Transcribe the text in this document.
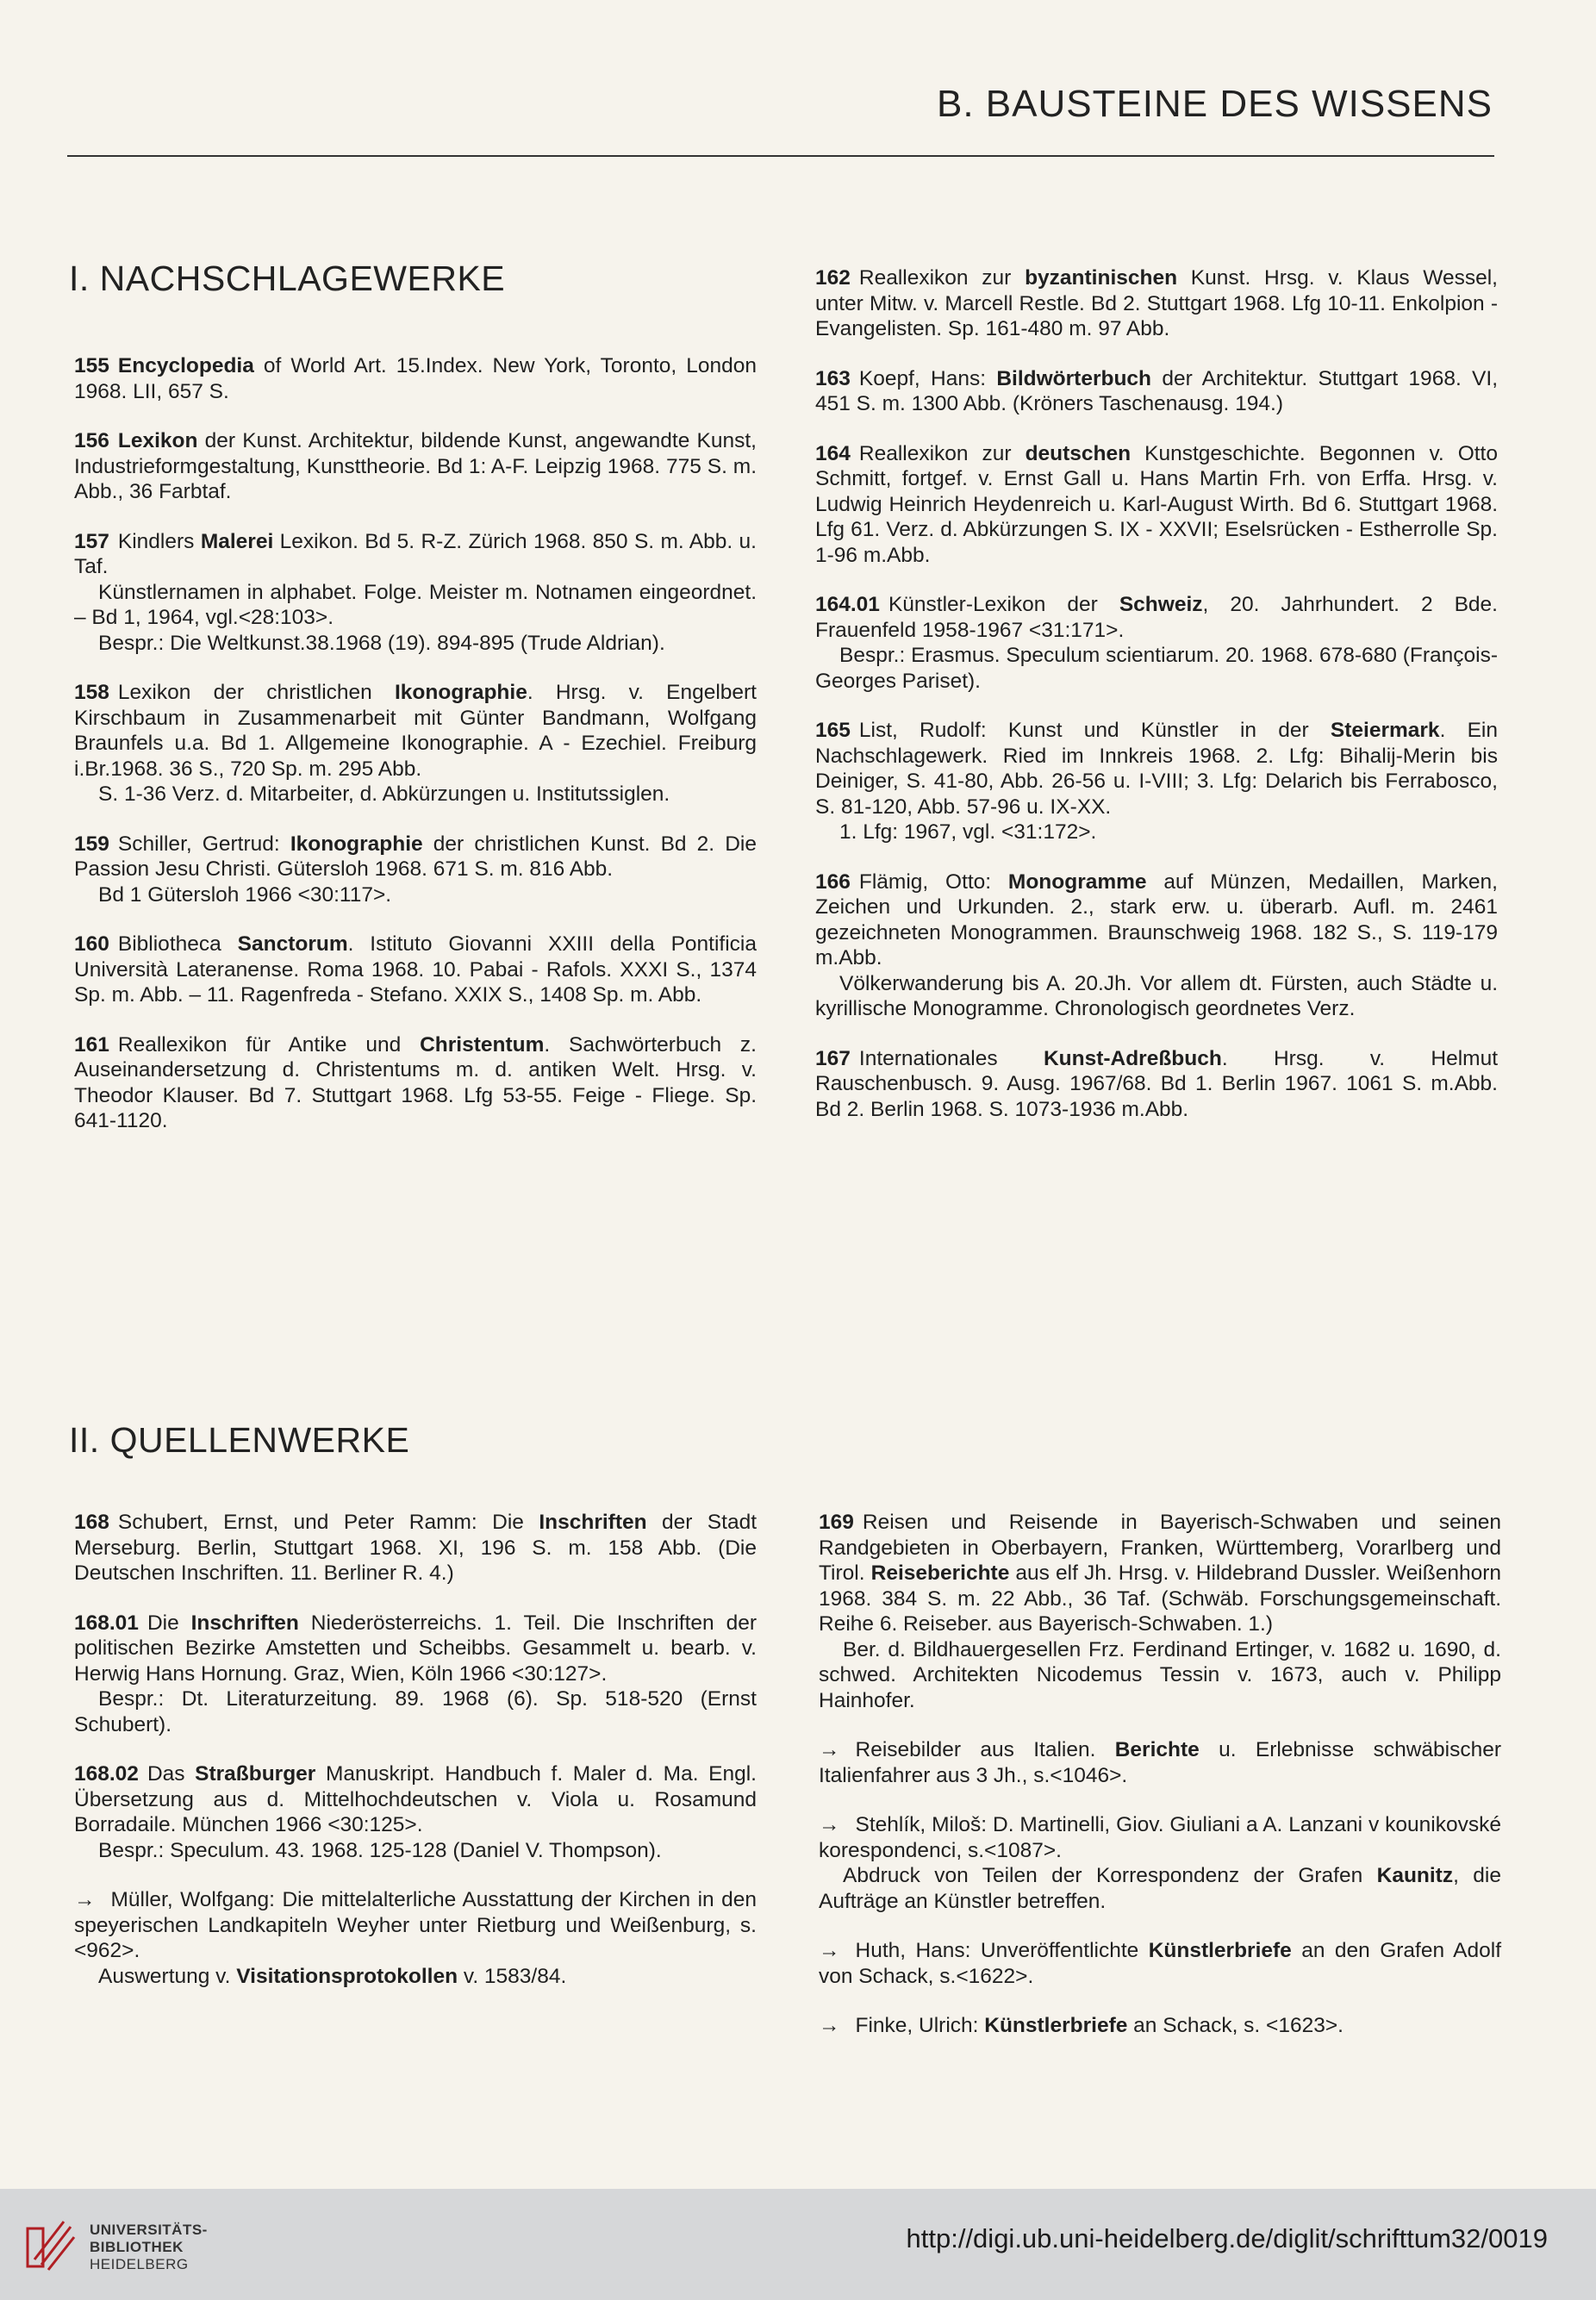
B. BAUSTEINE DES WISSENS
I. NACHSCHLAGEWERKE

155 Encyclopedia of World Art. 15.Index. New York, Toronto, London 1968. LII, 657 S.

156 Lexikon der Kunst. Architektur, bildende Kunst, angewandte Kunst, Industrieformgestaltung, Kunsttheorie. Bd 1: A-F. Leipzig 1968. 775 S. m. Abb., 36 Farbtaf.

157 Kindlers Malerei Lexikon. Bd 5. R-Z. Zürich 1968. 850 S. m. Abb. u. Taf.

Künstlernamen in alphabet. Folge. Meister m. Notnamen eingeordnet. – Bd 1, 1964, vgl.<28:103>.

Bespr.: Die Weltkunst.38.1968 (19). 894-895 (Trude Aldrian).

158 Lexikon der christlichen Ikonographie. Hrsg. v. Engelbert Kirschbaum in Zusammenarbeit mit Günter Bandmann, Wolfgang Braunfels u.a. Bd 1. Allgemeine Ikonographie. A - Ezechiel. Freiburg i.Br.1968. 36 S., 720 Sp. m. 295 Abb.

S. 1-36 Verz. d. Mitarbeiter, d. Abkürzungen u. Institutssiglen.

159 Schiller, Gertrud: Ikonographie der christlichen Kunst. Bd 2. Die Passion Jesu Christi. Gütersloh 1968. 671 S. m. 816 Abb.

Bd 1 Gütersloh 1966 <30:117>.

160 Bibliotheca Sanctorum. Istituto Giovanni XXIII della Pontificia Università Lateranense. Roma 1968. 10. Pabai - Rafols. XXXI S., 1374 Sp. m. Abb. – 11. Ragenfreda - Stefano. XXIX S., 1408 Sp. m. Abb.

161 Reallexikon für Antike und Christentum. Sachwörterbuch z. Auseinandersetzung d. Christentums m. d. antiken Welt. Hrsg. v. Theodor Klauser. Bd 7. Stuttgart 1968. Lfg 53-55. Feige - Fliege. Sp. 641-1120.

162 Reallexikon zur byzantinischen Kunst. Hrsg. v. Klaus Wessel, unter Mitw. v. Marcell Restle. Bd 2. Stuttgart 1968. Lfg 10-11. Enkolpion - Evangelisten. Sp. 161-480 m. 97 Abb.

163 Koepf, Hans: Bildwörterbuch der Architektur. Stuttgart 1968. VI, 451 S. m. 1300 Abb. (Kröners Taschenausg. 194.)

164 Reallexikon zur deutschen Kunstgeschichte. Begonnen v. Otto Schmitt, fortgef. v. Ernst Gall u. Hans Martin Frh. von Erffa. Hrsg. v. Ludwig Heinrich Heydenreich u. Karl-August Wirth. Bd 6. Stuttgart 1968. Lfg 61. Verz. d. Abkürzungen S. IX - XXVII; Eselsrücken - Estherrolle Sp. 1-96 m.Abb.

164.01 Künstler-Lexikon der Schweiz, 20. Jahrhundert. 2 Bde. Frauenfeld 1958-1967 <31:171>.

Bespr.: Erasmus. Speculum scientiarum. 20. 1968. 678-680 (François-Georges Pariset).

165 List, Rudolf: Kunst und Künstler in der Steiermark. Ein Nachschlagewerk. Ried im Innkreis 1968. 2. Lfg: Bihalij-Merin bis Deiniger, S. 41-80, Abb. 26-56 u. I-VIII; 3. Lfg: Delarich bis Ferrabosco, S. 81-120, Abb. 57-96 u. IX-XX.

1. Lfg: 1967, vgl. <31:172>.

166 Flämig, Otto: Monogramme auf Münzen, Medaillen, Marken, Zeichen und Urkunden. 2., stark erw. u. überarb. Aufl. m. 2461 gezeichneten Monogrammen. Braunschweig 1968. 182 S., S. 119-179 m.Abb.

Völkerwanderung bis A. 20.Jh. Vor allem dt. Fürsten, auch Städte u. kyrillische Monogramme. Chronologisch geordnetes Verz.

167 Internationales Kunst-Adreßbuch. Hrsg. v. Helmut Rauschenbusch. 9. Ausg. 1967/68. Bd 1. Berlin 1967. 1061 S. m.Abb. Bd 2. Berlin 1968. S. 1073-1936 m.Abb.

II. QUELLENWERKE

168 Schubert, Ernst, und Peter Ramm: Die Inschriften der Stadt Merseburg. Berlin, Stuttgart 1968. XI, 196 S. m. 158 Abb. (Die Deutschen Inschriften. 11. Berliner R. 4.)

168.01 Die Inschriften Niederösterreichs. 1. Teil. Die Inschriften der politischen Bezirke Amstetten und Scheibbs. Gesammelt u. bearb. v. Herwig Hans Hornung. Graz, Wien, Köln 1966 <30:127>.

Bespr.: Dt. Literaturzeitung. 89. 1968 (6). Sp. 518-520 (Ernst Schubert).

168.02 Das Straßburger Manuskript. Handbuch f. Maler d. Ma. Engl. Übersetzung aus d. Mittelhochdeutschen v. Viola u. Rosamund Borradaile. München 1966 <30:125>.

Bespr.: Speculum. 43. 1968. 125-128 (Daniel V. Thompson).

→ Müller, Wolfgang: Die mittelalterliche Ausstattung der Kirchen in den speyerischen Landkapiteln Weyher unter Rietburg und Weißenburg, s.<962>.

Auswertung v. Visitationsprotokollen v. 1583/84.

169 Reisen und Reisende in Bayerisch-Schwaben und seinen Randgebieten in Oberbayern, Franken, Württemberg, Vorarlberg und Tirol. Reiseberichte aus elf Jh. Hrsg. v. Hildebrand Dussler. Weißenhorn 1968. 384 S. m. 22 Abb., 36 Taf. (Schwäb. Forschungsgemeinschaft. Reihe 6. Reiseber. aus Bayerisch-Schwaben. 1.)

Ber. d. Bildhauergesellen Frz. Ferdinand Ertinger, v. 1682 u. 1690, d. schwed. Architekten Nicodemus Tessin v. 1673, auch v. Philipp Hainhofer.

→ Reisebilder aus Italien. Berichte u. Erlebnisse schwäbischer Italienfahrer aus 3 Jh., s.<1046>.

→ Stehlík, Miloš: D. Martinelli, Giov. Giuliani a A. Lanzani v kounikovské korespondenci, s.<1087>.

Abdruck von Teilen der Korrespondenz der Grafen Kaunitz, die Aufträge an Künstler betreffen.

→ Huth, Hans: Unveröffentlichte Künstlerbriefe an den Grafen Adolf von Schack, s.<1622>.

→ Finke, Ulrich: Künstlerbriefe an Schack, s. <1623>.

UNIVERSITÄTS-
BIBLIOTHEK
HEIDELBERG
http://digi.ub.uni-heidelberg.de/diglit/schrifttum32/0019
